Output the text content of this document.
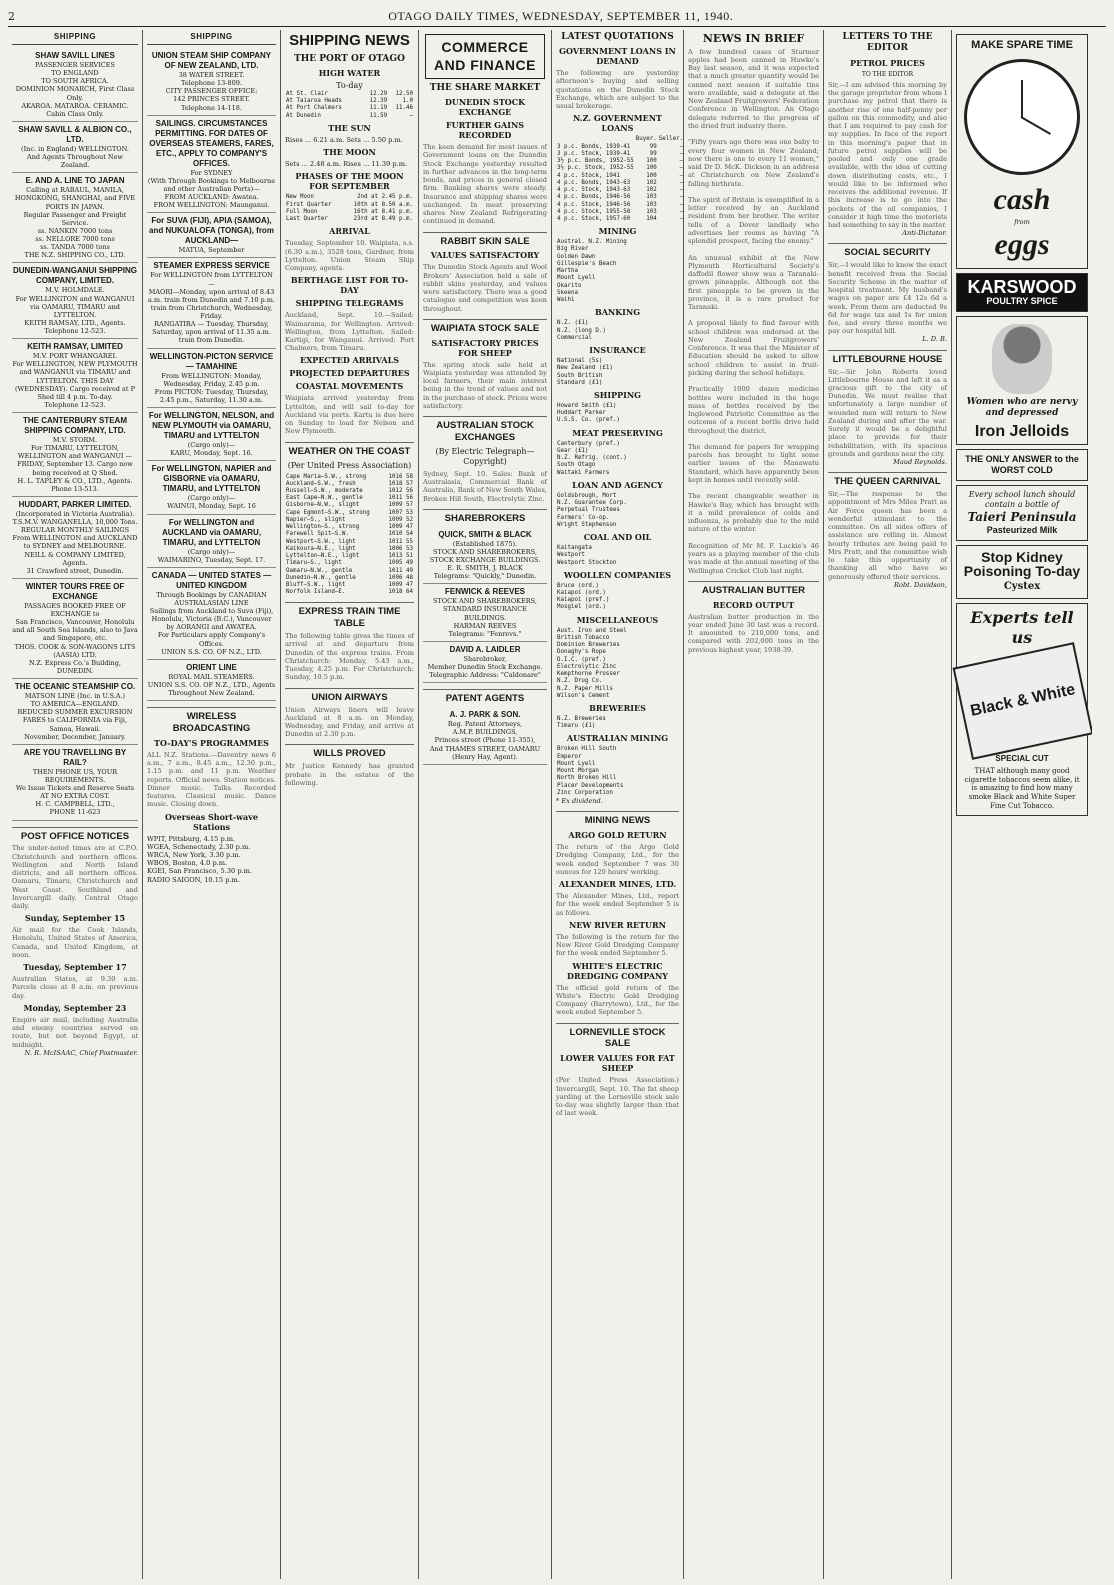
2	OTAGO DAILY TIMES, WEDNESDAY, SEPTEMBER 11, 1940.
SHIPPING
SHAW SAVILL LINES
PASSENGER SERVICES
TO ENGLAND
TO SOUTH AFRICA.
DOMINION MONARCH, First Class Only.
AKAROA. MATAROA. CERAMIC. Cabin Class Only.
SHAW SAVILL & ALBION CO., LTD.
(Inc. in England) WELLINGTON.
And Agents Throughout New Zealand.
E. AND A. LINE TO JAPAN
Calling at RABAUL, MANILA, HONGKONG, SHANGHAI, and FIVE PORTS IN JAPAN.
Regular Passenger and Freight Service.
ss. NANKIN 7000 tons
ss. NELLORE 7000 tons
ss. TANDA 7000 tons
THE N.Z. SHIPPING CO., LTD.
DUNEDIN-WANGANUI SHIPPING COMPANY, LIMITED.
M.V. HOLMDALE.
For WELLINGTON and WANGANUI via OAMARU, TIMARU and LYTTELTON.
KEITH RAMSAY, LTD., Agents.
Telephone 12-523.
KEITH RAMSAY, LIMITED
M.V. PORT WHANGAREI.
For WELLINGTON, NEW PLYMOUTH and WANGANUI via TIMARU and LYTTELTON. THIS DAY (WEDNESDAY). Cargo received at P Shed till 4 p.m. To-day.
Telephone 12-523.
THE CANTERBURY STEAM SHIPPING COMPANY, LTD.
M.V. STORM.
For TIMARU, LYTTELTON, WELLINGTON and WANGANUI — FRIDAY, September 13. Cargo now being received at Q Shed.
H. L. TAPLEY & CO., LTD., Agents.
Phone 13-513.
HUDDART, PARKER LIMITED.
(Incorporated in Victoria Australia).
T.S.M.V. WANGANELLA, 10,000 Tons.
REGULAR MONTHLY SAILINGS From WELLINGTON and AUCKLAND to SYDNEY and MELBOURNE.
NEILL & COMPANY LIMITED, Agents.
31 Crawford street, Dunedin.
WINTER TOURS FREE OF EXCHANGE
PASSAGES BOOKED FREE OF EXCHANGE to
San Francisco, Vancouver, Honolulu and all South Sea Islands, also to Java and Singapore, etc.
THOS. COOK & SON-WAGONS LITS (AASIA) LTD.
N.Z. Express Co.'s Building, DUNEDIN.
THE OCEANIC STEAMSHIP CO.
MATSON LINE (Inc. in U.S.A.)
TO AMERICA—ENGLAND.
REDUCED SUMMER EXCURSION FARES to CALIFORNIA via Fiji, Samoa, Hawaii.
November, December, January.
ARE YOU TRAVELLING BY RAIL?
THEN PHONE US, YOUR REQUIREMENTS.
We Issue Tickets and Reserve Seats AT NO EXTRA COST.
H. C. CAMPBELL, LTD.,
PHONE 11-623
POST OFFICE NOTICES
The under-noted times are at C.P.O. Christchurch and northern offices. Wellington and North Island districts, and all northern offices. Oamaru, Timaru, Christchurch and West Coast. Southland and Invercargill daily. Central Otago daily.
Sunday, September 15
Air mail for the Cook Islands, Honolulu, United States of America, Canada, and United Kingdom, at noon.
Tuesday, September 17
Australian States, at 9.30 a.m. Parcels close at 8 a.m. on previous day.
Monday, September 23
Empire air mail, including Australia and enemy countries served en route, but not beyond Egypt, at midnight.
N. R. McISAAC, Chief Postmaster.
SHIPPING
UNION STEAM SHIP COMPANY OF NEW ZEALAND, LTD.
38 WATER STREET.
Telephone 13-809.
CITY PASSENGER OFFICE:
142 PRINCES STREET.
Telephone 14-118.
SAILINGS. CIRCUMSTANCES PERMITTING. FOR DATES OF OVERSEAS STEAMERS, FARES, ETC., APPLY TO COMPANY'S OFFICES.
For SYDNEY
(With Through Bookings to Melbourne and other Australian Ports)—
FROM AUCKLAND: Awatea.
FROM WELLINGTON: Maunganui.
For SUVA (FIJI), APIA (SAMOA), and NUKUALOFA (TONGA), from AUCKLAND—
MATUA, September
STEAMER EXPRESS SERVICE
For WELLINGTON from LYTTELTON—
MAORI—Monday, upon arrival of 8.43 a.m. train from Dunedin and 7.10 p.m. train from Christchurch, Wednesday, Friday.
RANGATIRA — Tuesday, Thursday, Saturday, upon arrival of 11.35 a.m. train from Dunedin.
WELLINGTON-PICTON SERVICE — TAMAHINE
From WELLINGTON: Monday, Wednesday, Friday, 2.45 p.m.
From PICTON: Tuesday, Thursday, 2.45 p.m., Saturday, 11.30 a.m.
For WELLINGTON, NELSON, and NEW PLYMOUTH via OAMARU, TIMARU and LYTTELTON
(Cargo only)—
KARU, Monday, Sept. 16.
For WELLINGTON, NAPIER and GISBORNE via OAMARU, TIMARU, and LYTTELTON
(Cargo only)—
WAINUI, Monday, Sept. 16
For WELLINGTON and AUCKLAND via OAMARU, TIMARU, and LYTTELTON
(Cargo only)—
WAIMARINO, Tuesday, Sept. 17.
CANADA — UNITED STATES — UNITED KINGDOM
Through Bookings by CANADIAN AUSTRALASIAN LINE
Sailings from Auckland to Suva (Fiji), Honolulu, Victoria (B.C.), Vancouver by AORANGI and AWATEA.
For Particulars apply Company's Offices.
UNION S.S. CO. OF N.Z., LTD.
ORIENT LINE
ROYAL MAIL STEAMERS.
UNION S.S. CO. OF N.Z., LTD., Agents Throughout New Zealand.
WIRELESS BROADCASTING
TO-DAY'S PROGRAMMES
ALL N.Z. Stations.—Daventry news 6 a.m., 7 a.m., 8.45 a.m., 12.30 p.m., 1.15 p.m. and 11 p.m. Weather reports. Official news. Station notices. Dinner music. Talks. Recorded features. Classical music. Dance music. Closing down.
Overseas Short-wave Stations
WPIT, Pittsburg, 4.15 p.m.
WGEA, Schenectady, 2.30 p.m.
WRCA, New York, 3.30 p.m.
WBOS, Boston, 4.0 p.m.
KGEI, San Francisco, 5.30 p.m.
RADIO SAIGON, 10.15 p.m.
SHIPPING NEWS
THE PORT OF OTAGO
HIGH WATER
To-day
At St. Clair	12.29	12.50
At Taiaroa Heads	12.39	1.0
At Port Chalmers	11.19	11.46
At Dunedin	11.59	—
THE SUN
Rises ... 6.21 a.m. Sets ... 5.50 p.m.
THE MOON
Sets ... 2.48 a.m. Rises ... 11.39 p.m.
PHASES OF THE MOON FOR SEPTEMBER
New Moon	2nd at 2.45 p.m.
First Quarter	10th at 8.50 a.m.
Full Moon	16th at 8.41 p.m.
Last Quarter	23rd at 8.49 p.m.
ARRIVAL
Tuesday, September 10. Waipiata, s.s. (6.30 a.m.), 3528 tons, Gardner, from Lyttelton. Union Steam Ship Company, agents.
BERTHAGE LIST FOR TO-DAY
SHIPPING TELEGRAMS
Auckland, Sept. 10.—Sailed: Waimarama, for Wellington. Arrived: Wellington, from Lyttelton. Sailed: Kartigi, for Wanganui. Arrived: Port Chalmers, from Timaru.
EXPECTED ARRIVALS
PROJECTED DEPARTURES
COASTAL MOVEMENTS
Waipiata arrived yesterday from Lyttelton, and will sail to-day for Auckland via ports. Kartu is due here on Sunday to load for Nelson and New Plymouth.
WEATHER ON THE COAST
(Per United Press Association)
Cape Maria—S.W., strong	1016	58
Auckland—S.W., fresh	1018	57
Russell—S.W., moderate	1012	56
East Cape—N.W., gentle	1011	56
Gisborne—N.W., slight	1009	57
Cape Egmont—S.W., strong	1007	53
Napier—S., slight	1009	52
Wellington—S., strong	1009	47
Farewell Spit—S.W.	1010	54
Westport—S.W., light	1011	55
Kaikoura—N.E., light	1006	53
Lyttelton—N.E., light	1013	51
Timaru—S., light	1005	49
Oamaru—N.W., gentle	1011	49
Dunedin—N.W., gentle	1006	48
Bluff—S.W., light	1009	47
Norfolk Island—E.	1018	64
EXPRESS TRAIN TIME TABLE
The following table gives the times of arrival at and departure from Dunedin of the express trains. From Christchurch: Monday, 5.43 a.m., Tuesday, 4.25 p.m. For Christchurch: Sunday, 10.5 p.m.
UNION AIRWAYS
Union Airways liners will leave Auckland at 8 a.m. on Monday, Wednesday, and Friday, and arrive at Dunedin at 2.30 p.m.
WILLS PROVED
Mr Justice Kennedy has granted probate in the estates of the following.
COMMERCE AND FINANCE
THE SHARE MARKET
DUNEDIN STOCK EXCHANGE
FURTHER GAINS RECORDED
The keen demand for most issues of Government loans on the Dunedin Stock Exchange yesterday resulted in further advances in the long-term bonds, and prices in general closed firm. Banking shares were steady. Insurance and shipping shares were unchanged. In meat preserving shares New Zealand Refrigerating continued in demand.
RABBIT SKIN SALE
VALUES SATISFACTORY
The Dunedin Stock Agents and Wool Brokers' Association held a sale of rabbit skins yesterday, and values were satisfactory. There was a good catalogue and competition was keen throughout.
WAIPIATA STOCK SALE
SATISFACTORY PRICES FOR SHEEP
The spring stock sale held at Waipiata yesterday was attended by local farmers, their main interest being in the trend of values and not in the purchase of stock. Prices were satisfactory.
AUSTRALIAN STOCK EXCHANGES
(By Electric Telegraph—Copyright)
Sydney, Sept. 10. Sales: Bank of Australasia, Commercial Bank of Australia, Bank of New South Wales, Broken Hill South, Electrolytic Zinc.
SHAREBROKERS
QUICK, SMITH & BLACK
(Established 1875).
STOCK AND SHAREBROKERS, STOCK EXCHANGE BUILDINGS.
E. R. SMITH, J. BLACK
Telegrams: "Quickly," Dunedin.
FENWICK & REEVES
STOCK AND SHAREBROKERS, STANDARD INSURANCE BUILDINGS.
HARMAN REEVES
Telegrams: "Fenrevs."
DAVID A. LAIDLER
Sharebroker,
Member Dunedin Stock Exchange.
Telegraphic Address: "Caldonare"
PATENT AGENTS
A. J. PARK & SON.
Reg. Patent Attorneys,
A.M.P. BUILDINGS,
Princes street (Phone 11-355),
And THAMES STREET, OAMARU (Henry Hay, Agent).
LATEST QUOTATIONS
GOVERNMENT LOANS IN DEMAND
The following are yesterday afternoon's buying and selling quotations on the Dunedin Stock Exchange, which are subject to the usual brokerage.
N.Z. GOVERNMENT LOANS
	Buyer.	Seller.
3 p.c. Bonds, 1939-41	99	—
3 p.c. Stock, 1939-41	99	—
3½ p.c. Bonds, 1952-55	100	—
3½ p.c. Stock, 1952-55	100	—
4 p.c. Stock, 1941	100	—
4 p.c. Bonds, 1943-63	102	—
4 p.c. Stock, 1943-63	102	—
4 p.c. Bonds, 1946-56	103	—
4 p.c. Stock, 1946-56	103	—
4 p.c. Stock, 1955-58	103	—
4 p.c. Stock, 1957-60	104	—
MINING
Austral. N.Z. Mining
Big River
Golden Dawn
Gillespie's Beach
Martha
Mount Lyell
Okarito
Skeena
Waihi
BANKING
N.Z. (£1)
N.Z. (long D.)
Commercial
INSURANCE
National (5s)
New Zealand (£1)
South British
Standard (£1)
SHIPPING
Howard Smith (£1)
Huddart Parker
U.S.S. Co. (pref.)
MEAT PRESERVING
Canterbury (pref.)
Gear (£1)
N.Z. Refrig. (cont.)
South Otago
Waitaki Farmers
LOAN AND AGENCY
Goldsbrough, Mort
N.Z. Guarantee Corp.
Perpetual Trustees
Farmers' Co-op.
Wright Stephenson
COAL AND OIL
Kaitangata
Westport
Westport Stockton
WOOLLEN COMPANIES
Bruce (ord.)
Kaiapoi (ord.)
Kaiapoi (pref.)
Mosgiel (ord.)
MISCELLANEOUS
Aust. Iron and Steel
British Tobacco
Dominion Breweries
Donaghy's Rope
D.I.C. (pref.)
Electrolytic Zinc
Kempthorne Prosser
N.Z. Drug Co.
N.Z. Paper Mills
Wilson's Cement
BREWERIES
N.Z. Breweries
Timaru (£1)
AUSTRALIAN MINING
Broken Hill South
Emperor
Mount Lyell
Mount Morgan
North Broken Hill
Placer Developments
Zinc Corporation
* Ex dividend.
MINING NEWS
ARGO GOLD RETURN
The return of the Argo Gold Dredging Company, Ltd., for the week ended September 7 was 30 ounces for 120 hours' working.
ALEXANDER MINES, LTD.
The Alexander Mines, Ltd., report for the week ended September 5 is as follows.
NEW RIVER RETURN
The following is the return for the New River Gold Dredging Company for the week ended September 5.
WHITE'S ELECTRIC DREDGING COMPANY
The official gold return of the White's Electric Gold Dredging Company (Barrytown), Ltd., for the week ended September 5.
LORNEVILLE STOCK SALE
LOWER VALUES FOR FAT SHEEP
(Per United Press Association.) Invercargill, Sept. 10. The fat sheep yarding at the Lorneville stock sale to-day was slightly larger than that of last week.
NEWS IN BRIEF
A few hundred cases of Sturmer apples had been canned in Hawke's Bay last season, and it was expected that a much greater quantity would be canned next season if suitable tins were available, said a delegate at the New Zealand Fruitgrowers' Federation Conference in Wellington. An Otago delegate referred to the progress of the dried fruit industry there.

"Fifty years ago there was one baby to every four women in New Zealand; now there is one to every 11 women," said Dr D. McK. Dickson in an address at Christchurch on New Zealand's falling birthrate.

The spirit of Britain is exemplified in a letter received by an Auckland resident from her brother. The writer tells of a Dover landlady who advertises her rooms as having "A splendid prospect, facing the enemy."

An unusual exhibit at the New Plymouth Horticultural Society's daffodil flower show was a Taranaki-grown pineapple. Although not the first pineapple to be grown in the province, it is a rare product for Taranaki.

A proposal likely to find favour with school children was endorsed at the New Zealand Fruitgrowers' Conference. It was that the Minister of Education should be asked to allow school children to assist in fruit-picking during the school holidays.

Practically 1000 dozen medicine bottles were included in the huge mass of bottles received by the Inglewood Patriotic Committee as the outcome of a recent bottle drive held throughout the district.

The demand for papers for wrapping parcels has brought to light some earlier issues of the Manawatu Standard, which have apparently been kept in homes until recently sold.

The recent changeable weather in Hawke's Bay, which has brought with it a mild prevalence of colds and influenza, is probably due to the mild nature of the winter.

Recognition of Mr M. F. Luckie's 46 years as a playing member of the club was made at the annual meeting of the Wellington Cricket Club last night.
AUSTRALIAN BUTTER
RECORD OUTPUT
Australian butter production in the year ended June 30 last was a record. It amounted to 210,000 tons, and compared with 202,000 tons in the previous highest year, 1938-39.
LETTERS TO THE EDITOR
PETROL PRICES
TO THE EDITOR
Sir,—I am advised this morning by the garage proprietor from whom I purchase my petrol that there is another rise of one half-penny per gallon on this commodity, and also that I am required to pay cash for my supplies. In face of the report in this morning's paper that in future petrol supplies will be pooled and only one grade available, with the idea of cutting down distributing costs, etc., I would like to be informed who receives the additional revenue. If this increase is to go into the pockets of the oil companies, I consider it high time the motorists had something to say in the matter.
Anti-Dictator.
SOCIAL SECURITY
Sir,—I would like to know the exact benefit received from the Social Security Scheme in the matter of hospital treatment. My husband's wages on paper are £4 12s 6d a week. From them are deducted 9s 6d for wage tax and 1s for union fee, and every three months we pay our hospital bill.
L. D. B.
LITTLEBOURNE HOUSE
Sir,—Sir John Roberts loved Littlebourne House and left it as a gracious gift to the city of Dunedin. We must realise that unfortunately a large number of wounded men will return to New Zealand during and after the war. Surely it would be a delightful place to provide for their rehabilitation, with its spacious grounds and gardens near the city.
Maud Reynolds.
THE QUEEN CARNIVAL
Sir,—The response to the appointment of Mrs Miles Pratt as Air Force queen has been a wonderful stimulant to the committee. On all sides offers of assistance are rolling in. Almost hourly tributes are being paid to Mrs Pratt, and the committee wish to take this opportunity of thanking all who have so generously offered their services.
Robt. Davidson,
MAKE SPARE TIME
cash
from
eggs
KARSWOOD
POULTRY SPICE
Women who are nervy and depressed
Iron Jelloids
THE ONLY ANSWER to the WORST COLD
Every school lunch should contain a bottle of
Taieri Peninsula
Pasteurized Milk
Stop Kidney Poisoning To-day
Cystex
Experts tell us
Black & White
SPECIAL CUT
THAT although many good cigarette tobaccos seem alike, it is amazing to find how many smoke Black and White Super Fine Cut Tobacco.
